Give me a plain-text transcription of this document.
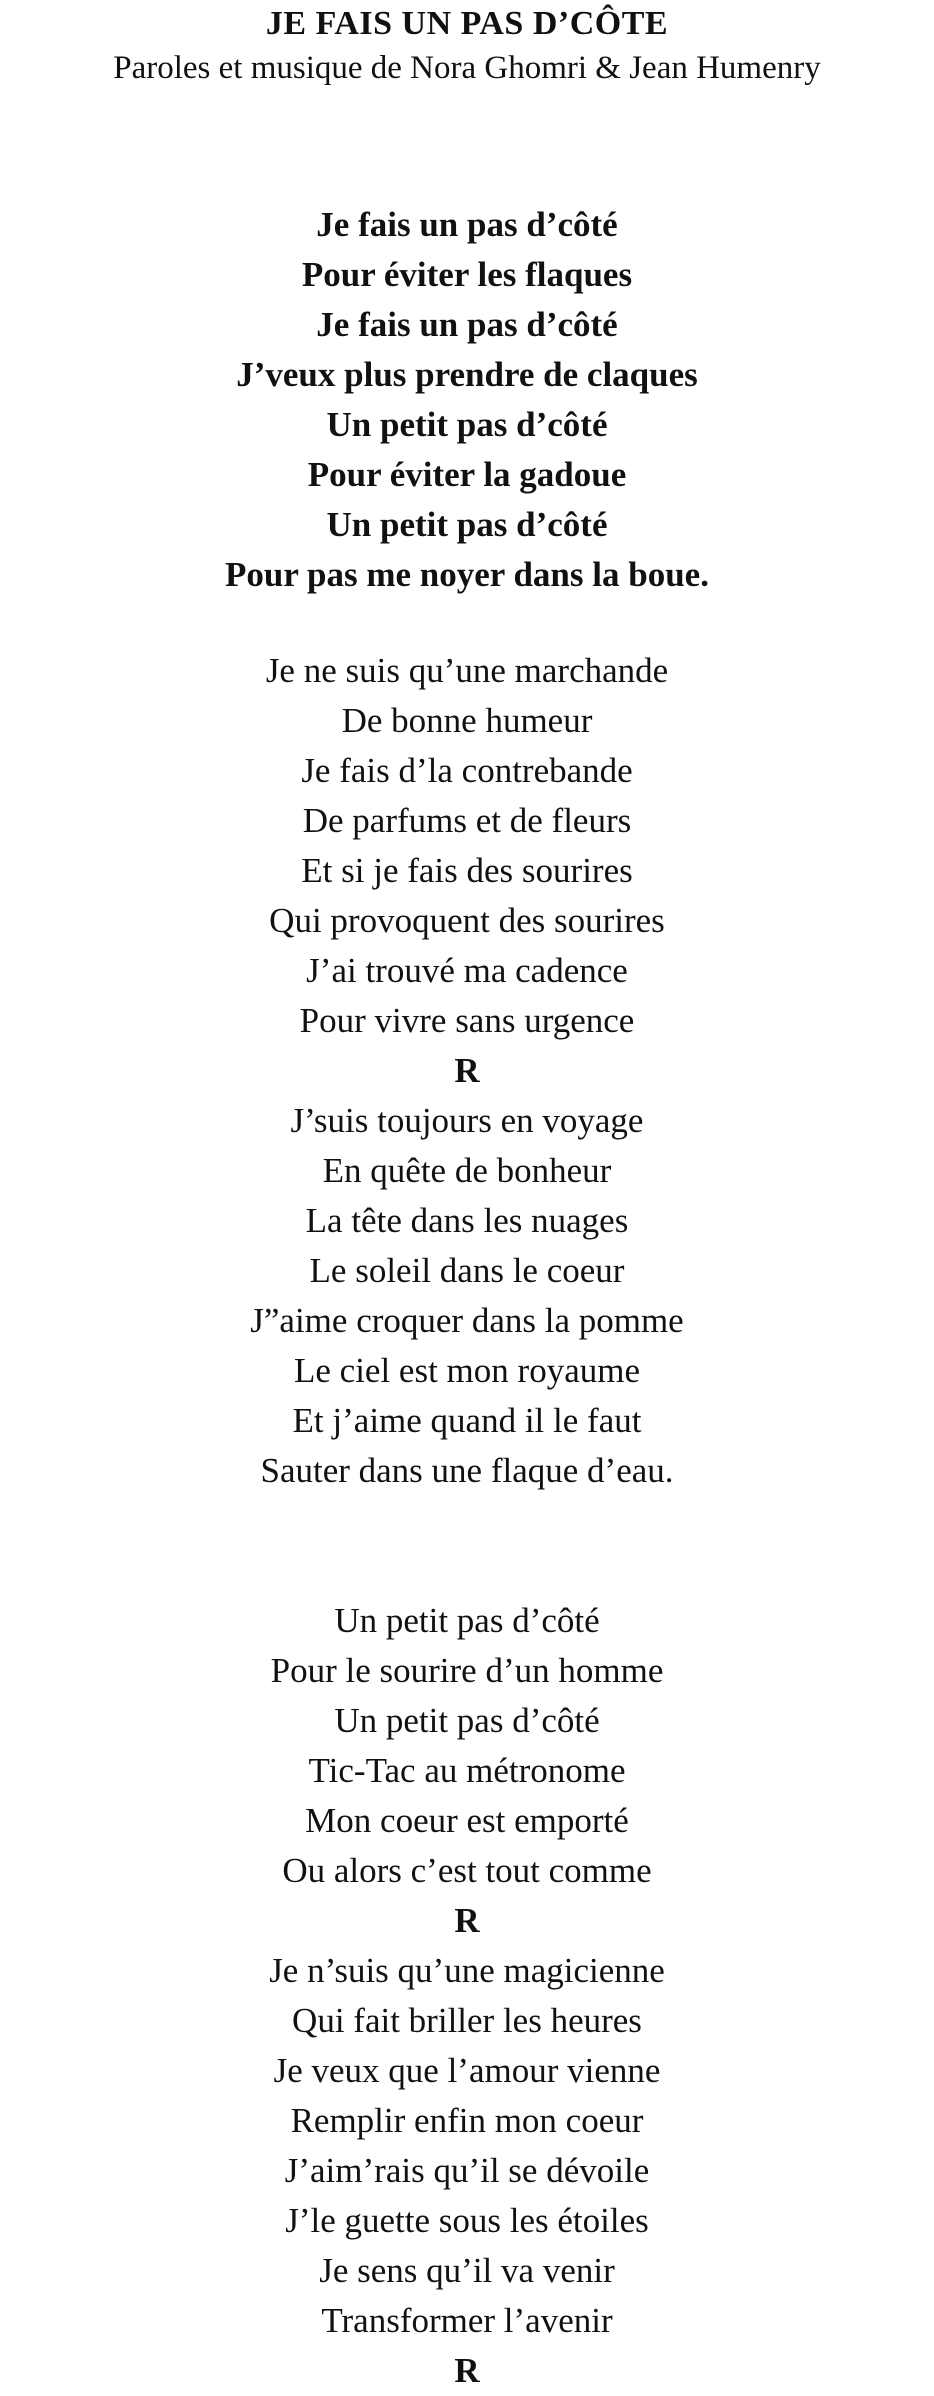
JE FAIS UN PAS D’CÔTE
Paroles et musique de Nora Ghomri & Jean Humenry
Je fais un pas d’côté
Pour éviter les flaques
Je fais un pas d’côté
J’veux plus prendre de claques
Un petit pas d’côté
Pour éviter la gadoue
Un petit pas d’côté
Pour pas me noyer dans la boue.
Je ne suis qu’une marchande
De bonne humeur
Je fais d’la contrebande
De parfums et de fleurs
Et si je fais des sourires
Qui provoquent des sourires
J’ai trouvé ma cadence
Pour vivre sans urgence
R
J’suis toujours en voyage
En quête de bonheur
La tête dans les nuages
Le soleil dans le coeur
J”aime croquer dans la pomme
Le ciel est mon royaume
Et j’aime quand il le faut
Sauter dans une flaque d’eau.
Un petit pas d’côté
Pour le sourire d’un homme
Un petit pas d’côté
Tic-Tac au métronome
Mon coeur est emporté
Ou alors c’est tout comme
R
Je n’suis qu’une magicienne
Qui fait briller les heures
Je veux que l’amour vienne
Remplir enfin mon coeur
J’aim’rais qu’il se dévoile
J’le guette sous les étoiles
Je sens qu’il va venir
Transformer l’avenir
R
